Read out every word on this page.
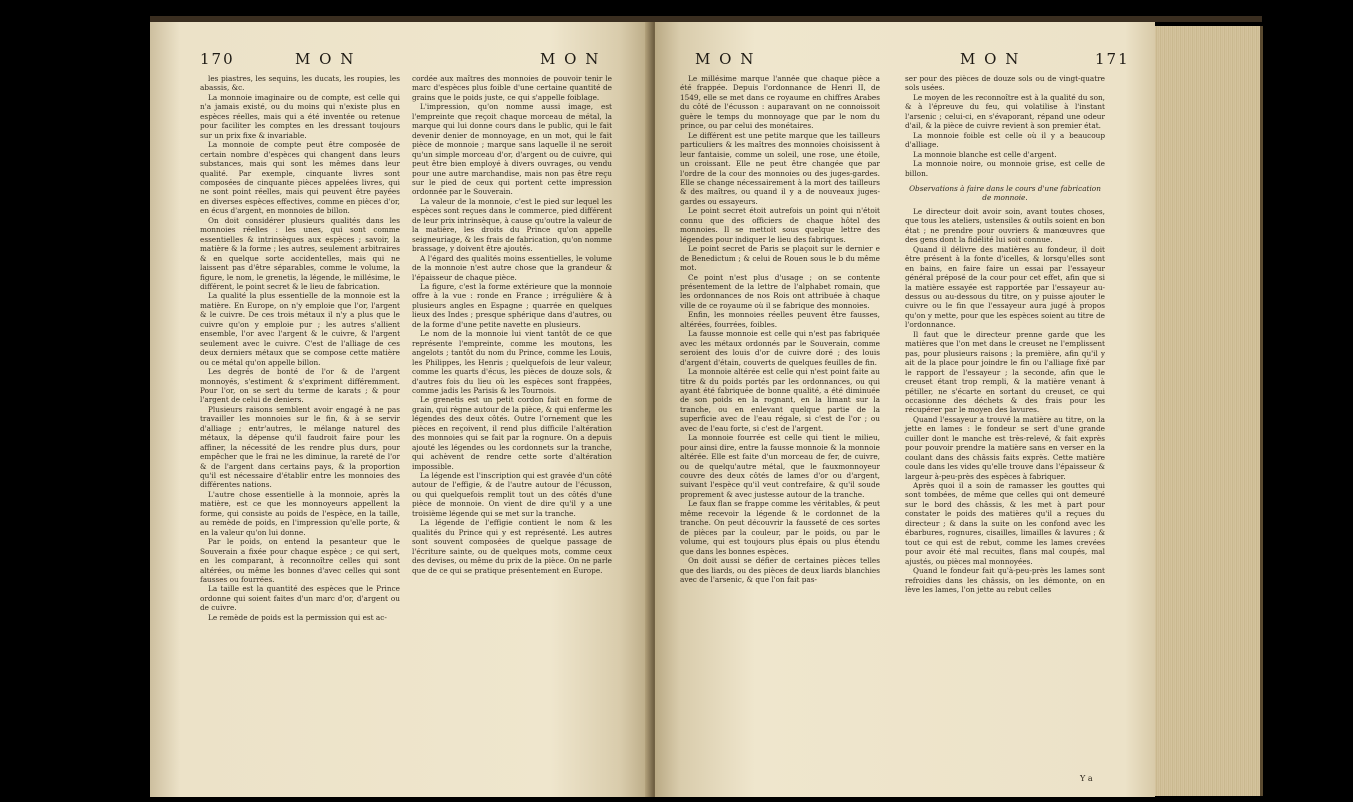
170	M O N	M O N

les piastres, les sequins, les ducats, les roupies, les abassis, &c.

La monnoie imaginaire ou de compte, est celle qui n'a jamais existé, ou du moins qui n'existe plus en espèces réelles, mais qui a été inventée ou retenue pour faciliter les comptes en les dressant toujours sur un prix fixe & invariable.

La monnoie de compte peut être composée de certain nombre d'espèces qui changent dans leurs substances, mais qui sont les mêmes dans leur qualité. Par exemple, cinquante livres sont composées de cinquante pièces appelées livres, qui ne sont point réelles, mais qui peuvent être payées en diverses espèces effectives, comme en pièces d'or, en écus d'argent, en monnoies de billon.

On doit considérer plusieurs qualités dans les monnoies réelles : les unes, qui sont comme essentielles & intrinsèques aux espèces ; savoir, la matière & la forme ; les autres, seulement arbitraires & en quelque sorte accidentelles, mais qui ne laissent pas d'être séparables, comme le volume, la figure, le nom, le grenetis, la légende, le millésime, le différent, le point secret & le lieu de fabrication.

La qualité la plus essentielle de la monnoie est la matière. En Europe, on n'y emploie que l'or, l'argent & le cuivre. De ces trois métaux il n'y a plus que le cuivre qu'on y emploie pur ; les autres s'allient ensemble, l'or avec l'argent & le cuivre, & l'argent seulement avec le cuivre. C'est de l'alliage de ces deux derniers métaux que se compose cette matière ou ce métal qu'on appelle billon.

Les degrés de bonté de l'or & de l'argent monnoyés, s'estiment & s'expriment différemment. Pour l'or, on se sert du terme de karats ; & pour l'argent de celui de deniers.

Plusieurs raisons semblent avoir engagé à ne pas travailler les monnoies sur le fin, & à se servir d'alliage ; entr'autres, le mélange naturel des métaux, la dépense qu'il faudroit faire pour les affiner, la nécessité de les rendre plus durs, pour empêcher que le frai ne les diminue, la rareté de l'or & de l'argent dans certains pays, & la proportion qu'il est nécessaire d'établir entre les monnoies des différentes nations.

L'autre chose essentielle à la monnoie, après la matière, est ce que les monnoyeurs appellent la forme, qui consiste au poids de l'espèce, en la taille, au remède de poids, en l'impression qu'elle porte, & en la valeur qu'on lui donne.

Par le poids, on entend la pesanteur que le Souverain a fixée pour chaque espèce ; ce qui sert, en les comparant, à reconnoître celles qui sont altérées, ou même les bonnes d'avec celles qui sont fausses ou fourrées.

La taille est la quantité des espèces que le Prince ordonne qui soient faites d'un marc d'or, d'argent ou de cuivre.

Le remède de poids est la permission qui est ac-

cordée aux maîtres des monnoies de pouvoir tenir le marc d'espèces plus foible d'une certaine quantité de grains que le poids juste, ce qui s'appelle foiblage.

L'impression, qu'on nomme aussi image, est l'empreinte que reçoit chaque morceau de métal, la marque qui lui donne cours dans le public, qui le fait devenir denier de monnoyage, en un mot, qui le fait pièce de monnoie ; marque sans laquelle il ne seroit qu'un simple morceau d'or, d'argent ou de cuivre, qui peut être bien employé à divers ouvrages, ou vendu pour une autre marchandise, mais non pas être reçu sur le pied de ceux qui portent cette impression ordonnée par le Souverain.

La valeur de la monnoie, c'est le pied sur lequel les espèces sont reçues dans le commerce, pied différent de leur prix intrinsèque, à cause qu'outre la valeur de la matière, les droits du Prince qu'on appelle seigneuriage, & les frais de fabrication, qu'on nomme brassage, y doivent être ajoutés.

A l'égard des qualités moins essentielles, le volume de la monnoie n'est autre chose que la grandeur & l'épaisseur de chaque pièce.

La figure, c'est la forme extérieure que la monnoie offre à la vue : ronde en France ; irrégulière & à plusieurs angles en Espagne ; quarrée en quelques lieux des Indes ; presque sphérique dans d'autres, ou de la forme d'une petite navette en plusieurs.

Le nom de la monnoie lui vient tantôt de ce que représente l'empreinte, comme les moutons, les angelots ; tantôt du nom du Prince, comme les Louis, les Philippes, les Henris ; quelquefois de leur valeur, comme les quarts d'écus, les pièces de douze sols, & d'autres fois du lieu où les espèces sont frappées, comme jadis les Parisis & les Tournois.

Le grenetis est un petit cordon fait en forme de grain, qui règne autour de la pièce, & qui enferme les légendes des deux côtés. Outre l'ornement que les pièces en reçoivent, il rend plus difficile l'altération des monnoies qui se fait par la rognure. On a depuis ajouté les légendes ou les cordonnets sur la tranche, qui achèvent de rendre cette sorte d'altération impossible.

La légende est l'inscription qui est gravée d'un côté autour de l'effigie, & de l'autre autour de l'écusson, ou qui quelquefois remplit tout un des côtés d'une pièce de monnoie. On vient de dire qu'il y a une troisième légende qui se met sur la tranche.

La légende de l'effigie contient le nom & les qualités du Prince qui y est représenté. Les autres sont souvent composées de quelque passage de l'écriture sainte, ou de quelques mots, comme ceux des devises, ou même du prix de la pièce. On ne parle que de ce qui se pratique présentement en Europe.

M O N	M O N	171

Le millésime marque l'année que chaque pièce a été frappée. Depuis l'ordonnance de Henri II, de 1549, elle se met dans ce royaume en chiffres Arabes du côté de l'écusson : auparavant on ne connoissoit guère le temps du monnoyage que par le nom du prince, ou par celui des monétaires.

Le différent est une petite marque que les tailleurs particuliers & les maîtres des monnoies choisissent à leur fantaisie, comme un soleil, une rose, une étoile, un croissant. Elle ne peut être changée que par l'ordre de la cour des monnoies ou des juges-gardes. Elle se change nécessairement à la mort des tailleurs & des maîtres, ou quand il y a de nouveaux juges-gardes ou essayeurs.

Le point secret étoit autrefois un point qui n'étoit connu que des officiers de chaque hôtel des monnoies. Il se mettoit sous quelque lettre des légendes pour indiquer le lieu des fabriques.

Le point secret de Paris se plaçoit sur le dernier e de Benedictum ; & celui de Rouen sous le b du même mot.

Ce point n'est plus d'usage ; on se contente présentement de la lettre de l'alphabet romain, que les ordonnances de nos Rois ont attribuée à chaque ville de ce royaume où il se fabrique des monnoies.

Enfin, les monnoies réelles peuvent être fausses, altérées, fourrées, foibles.

La fausse monnoie est celle qui n'est pas fabriquée avec les métaux ordonnés par le Souverain, comme seroient des louis d'or de cuivre doré ; des louis d'argent d'étain, couverts de quelques feuilles de fin.

La monnoie altérée est celle qui n'est point faite au titre & du poids portés par les ordonnances, ou qui ayant été fabriquée de bonne qualité, a été diminuée de son poids en la rognant, en la limant sur la tranche, ou en enlevant quelque partie de la superficie avec de l'eau régale, si c'est de l'or ; ou avec de l'eau forte, si c'est de l'argent.

La monnoie fourrée est celle qui tient le milieu, pour ainsi dire, entre la fausse monnoie & la monnoie altérée. Elle est faite d'un morceau de fer, de cuivre, ou de quelqu'autre métal, que le fauxmonnoyeur couvre des deux côtés de lames d'or ou d'argent, suivant l'espèce qu'il veut contrefaire, & qu'il soude proprement & avec justesse autour de la tranche.

Le faux flan se frappe comme les véritables, & peut même recevoir la légende & le cordonnet de la tranche. On peut découvrir la fausseté de ces sortes de pièces par la couleur, par le poids, ou par le volume, qui est toujours plus épais ou plus étendu que dans les bonnes espèces.

On doit aussi se défier de certaines pièces telles que des liards, ou des pièces de deux liards blanchies avec de l'arsenic, & que l'on fait pas-

ser pour des pièces de douze sols ou de vingt-quatre sols usées.

Le moyen de les reconnoître est à la qualité du son, & à l'épreuve du feu, qui volatilise à l'instant l'arsenic ; celui-ci, en s'évaporant, répand une odeur d'ail, & la pièce de cuivre revient à son premier état.

La monnoie foible est celle où il y a beaucoup d'alliage.

La monnoie blanche est celle d'argent.

La monnoie noire, ou monnoie grise, est celle de billon.

Observations à faire dans le cours d'une fabrication de monnoie.

Le directeur doit avoir soin, avant toutes choses, que tous les ateliers, ustensiles & outils soient en bon état ; ne prendre pour ouvriers & manœuvres que des gens dont la fidélité lui soit connue.

Quand il délivre des matières au fondeur, il doit être présent à la fonte d'icelles, & lorsqu'elles sont en bains, en faire faire un essai par l'essayeur général préposé de la cour pour cet effet, afin que si la matière essayée est rapportée par l'essayeur au-dessus ou au-dessous du titre, on y puisse ajouter le cuivre ou le fin que l'essayeur aura jugé à propos qu'on y mette, pour que les espèces soient au titre de l'ordonnance.

Il faut que le directeur prenne garde que les matières que l'on met dans le creuset ne l'emplissent pas, pour plusieurs raisons ; la première, afin qu'il y ait de la place pour joindre le fin ou l'alliage fixé par le rapport de l'essayeur ; la seconde, afin que le creuset étant trop rempli, & la matière venant à pétiller, ne s'écarte en sortant du creuset, ce qui occasionne des déchets & des frais pour les récupérer par le moyen des lavures.

Quand l'essayeur a trouvé la matière au titre, on la jette en lames : le fondeur se sert d'une grande cuiller dont le manche est très-relevé, & fait exprès pour pouvoir prendre la matière sans en verser en la coulant dans des châssis faits exprès. Cette matière coule dans les vides qu'elle trouve dans l'épaisseur & largeur à-peu-près des espèces à fabriquer.

Après quoi il a soin de ramasser les gouttes qui sont tombées, de même que celles qui ont demeuré sur le bord des châssis, & les met à part pour constater le poids des matières qu'il a reçues du directeur ; & dans la suite on les confond avec les ébarbures, rognures, cisailles, limailles & lavures ; & tout ce qui est de rebut, comme les lames crevées pour avoir été mal recuites, flans mal coupés, mal ajustés, ou pièces mal monnoyées.

Quand le fondeur fait qu'à-peu-près les lames sont refroidies dans les châssis, on les démonte, on en lève les lames, l'on jette au rebut celles

Y a
